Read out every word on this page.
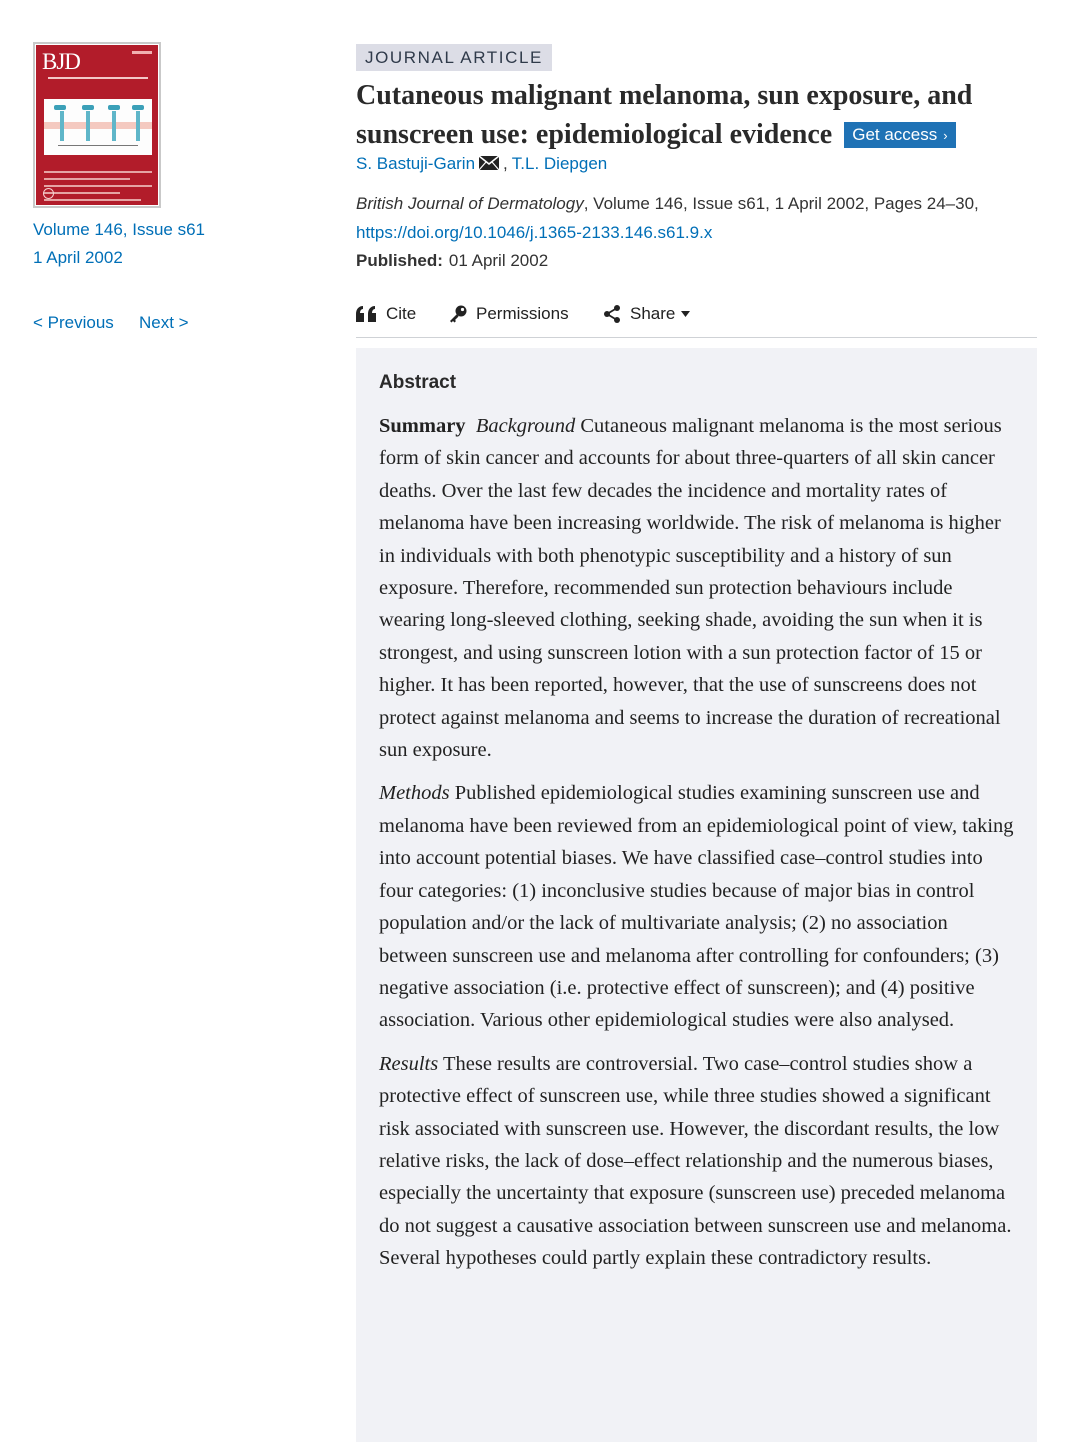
BJD
Volume 146, Issue s61
1 April 2002
< Previous Next >
JOURNAL ARTICLE
Cutaneous malignant melanoma, sun exposure, and sunscreen use: epidemiological evidence Get access ›
S. Bastuji-Garin , T.L. Diepgen
British Journal of Dermatology, Volume 146, Issue s61, 1 April 2002, Pages 24–30,
https://doi.org/10.1046/j.1365-2133.146.s61.9.x
Published: 01 April 2002
Cite	Permissions	Share
Abstract

Summary Background Cutaneous malignant melanoma is the most serious form of skin cancer and accounts for about three-quarters of all skin cancer deaths. Over the last few decades the incidence and mortality rates of melanoma have been increasing worldwide. The risk of melanoma is higher in individuals with both phenotypic susceptibility and a history of sun exposure. Therefore, recommended sun protection behaviours include wearing long-sleeved clothing, seeking shade, avoiding the sun when it is strongest, and using sunscreen lotion with a sun protection factor of 15 or higher. It has been reported, however, that the use of sunscreens does not protect against melanoma and seems to increase the duration of recreational sun exposure.

Methods Published epidemiological studies examining sunscreen use and melanoma have been reviewed from an epidemiological point of view, taking into account potential biases. We have classified case–control studies into four categories: (1) inconclusive studies because of major bias in control population and/or the lack of multivariate analysis; (2) no association between sunscreen use and melanoma after controlling for confounders; (3) negative association (i.e. protective effect of sunscreen); and (4) positive association. Various other epidemiological studies were also analysed.

Results These results are controversial. Two case–control studies show a protective effect of sunscreen use, while three studies showed a significant risk associated with sunscreen use. However, the discordant results, the low relative risks, the lack of dose–effect relationship and the numerous biases, especially the uncertainty that exposure (sunscreen use) preceded melanoma do not suggest a causative association between sunscreen use and melanoma. Several hypotheses could partly explain these contradictory results.
